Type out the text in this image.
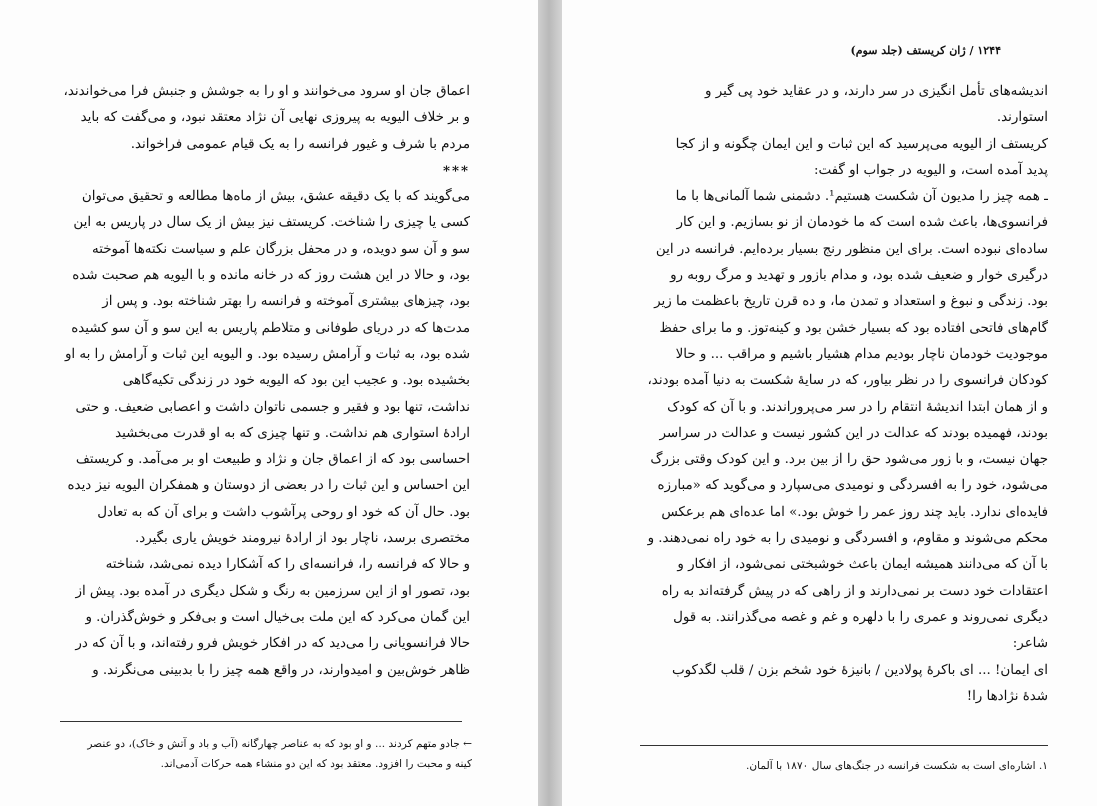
اعماق جان او سرود می‌خوانند و او را به جوشش و جنبش فرا می‌خواندند،
و بر خلاف الیویه به پیروزی نهایی آن نژاد معتقد نبود، و می‌گفت که باید
مردم با شرف و غیور فرانسه را به یک قیام عمومی فراخواند.
***
می‌گویند که با یک دقیقه عشق، بیش از ماه‌ها مطالعه و تحقیق می‌توان
کسی یا چیزی را شناخت. کریستف نیز بیش از یک سال در پاریس به این
سو و آن سو دویده، و در محفل بزرگان علم و سیاست نکته‌ها آموخته
بود، و حالا در این هشت روز که در خانه مانده و با الیویه هم صحبت شده
بود، چیزهای بیشتری آموخته و فرانسه را بهتر شناخته بود. و پس از
مدت‌ها که در دریای طوفانی و متلاطم پاریس به این سو و آن سو کشیده
شده بود، به ثبات و آرامش رسیده بود. و الیویه این ثبات و آرامش را به او
بخشیده بود. و عجیب این بود که الیویه خود در زندگی تکیه‌گاهی
نداشت، تنها بود و فقیر و جسمی ناتوان داشت و اعصابی ضعیف. و حتی
ارادهٔ استواری هم نداشت. و تنها چیزی که به او قدرت می‌بخشید
احساسی بود که از اعماق جان و نژاد و طبیعت او بر می‌آمد. و کریستف
این احساس و این ثبات را در بعضی از دوستان و همفکران الیویه نیز دیده
بود. حال آن که خود او روحی پرآشوب داشت و برای آن که به تعادل
مختصری برسد، ناچار بود از ارادهٔ نیرومند خویش یاری بگیرد.
و حالا که فرانسه را، فرانسه‌ای را که آشکارا دیده نمی‌شد، شناخته
بود، تصور او از این سرزمین به رنگ و شکل دیگری در آمده بود. پیش از
این گمان می‌کرد که این ملت بی‌خیال است و بی‌فکر و خوش‌گذران. و
حالا فرانسویانی را می‌دید که در افکار خویش فرو رفته‌اند، و با آن که در
ظاهر خوش‌بین و امیدوارند، در واقع همه چیز را با بدبینی می‌نگرند. و
← جادو متهم کردند ... و او بود که به عناصر چهارگانه (آب و باد و آتش و خاک)، دو عنصر
کینه و محبت را افزود. معتقد بود که این دو منشاء همه حرکات آدمی‌اند.
۱۲۴۴ / ژان کریستف (جلد سوم)
اندیشه‌های تأمل انگیزی در سر دارند، و در عقاید خود پی گیر و
استوارند.
کریستف از الیویه می‌پرسید که این ثبات و این ایمان چگونه و از کجا
پدید آمده است، و الیویه در جواب او گفت:
ـ همه چیز را مدیون آن شکست هستیم¹. دشمنی شما آلمانی‌ها با ما
فرانسوی‌ها، باعث شده است که ما خودمان از نو بسازیم. و این کار
ساده‌ای نبوده است. برای این منظور رنج بسیار برده‌ایم. فرانسه در این
درگیری خوار و ضعیف شده بود، و مدام بازور و تهدید و مرگ روبه رو
بود. زندگی و نبوغ و استعداد و تمدن ما، و ده قرن تاریخ باعظمت ما زیر
گام‌های فاتحی افتاده بود که بسیار خشن بود و کینه‌توز. و ما برای حفظ
موجودیت خودمان ناچار بودیم مدام هشیار باشیم و مراقب ... و حالا
کودکان فرانسوی را در نظر بیاور، که در سایهٔ شکست به دنیا آمده بودند،
و از همان ابتدا اندیشهٔ انتقام را در سر می‌پروراندند. و با آن که کودک
بودند، فهمیده بودند که عدالت در این کشور نیست و عدالت در سراسر
جهان نیست، و با زور می‌شود حق را از بین برد. و این کودک وقتی بزرگ
می‌شود، خود را به افسردگی و نومیدی می‌سپارد و می‌گوید که «مبارزه
فایده‌ای ندارد. باید چند روز عمر را خوش بود.» اما عده‌ای هم برعکس
محکم می‌شوند و مقاوم، و افسردگی و نومیدی را به خود راه نمی‌دهند. و
با آن که می‌دانند همیشه ایمان باعث خوشبختی نمی‌شود، از افکار و
اعتقادات خود دست بر نمی‌دارند و از راهی که در پیش گرفته‌اند به راه
دیگری نمی‌روند و عمری را با دلهره و غم و غصه می‌گذرانند. به قول
شاعر:
ای ایمان! ... ای باکرهٔ پولادین / بانیزهٔ خود شخم بزن / قلب لگدکوب
شدهٔ نژادها را!
۱. اشاره‌ای است به شکست فرانسه در جنگ‌های سال ۱۸۷۰ با آلمان.
